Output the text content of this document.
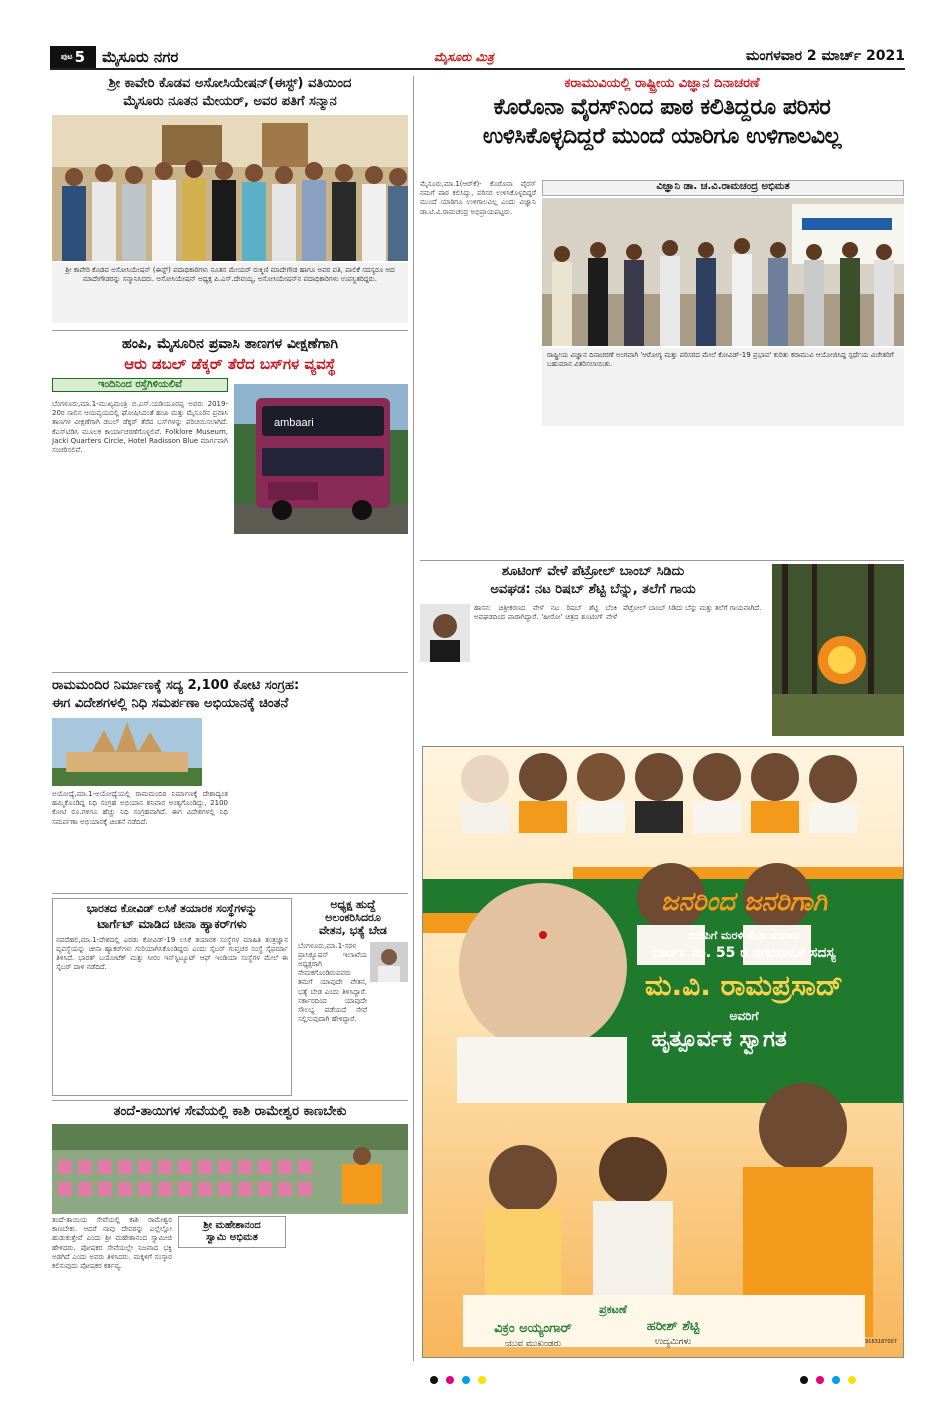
ಪುಟ 5 ಮೈಸೂರು ನಗರ	ಮೈಸೂರು ಮಿತ್ರ	ಮಂಗಳವಾರ 2 ಮಾರ್ಚ್ 2021
ಶ್ರೀ ಕಾವೇರಿ ಕೊಡವ ಅಸೋಸಿಯೇಷನ್(ಈಸ್ಟ್) ವತಿಯಿಂದ
ಮೈಸೂರು ನೂತನ ಮೇಯರ್, ಅವರ ಪತಿಗೆ ಸನ್ಮಾನ
ಶ್ರೀ ಕಾವೇರಿ ಕೊಡವ ಅಸೋಸಿಯೇಷನ್ (ಈಸ್ಟ್) ಪದಾಧಿಕಾರಿಗಳು ನೂತನ ಮೇಯರ್ ರುಕ್ಮಿಣಿ ಮಾದೇಗೌಡ ಹಾಗೂ ಅವರ ಪತಿ, ಪಾಲಿಕೆ ಸದಸ್ಯರೂ ಆದ ಮಾದೇಗೌಡರನ್ನು ಸನ್ಮಾನಿಸಿದರು. ಅಸೋಸಿಯೇಷನ್ ಅಧ್ಯಕ್ಷ ಪಿ.ಎಸ್.ದೇವಯ್ಯ, ಅಸೋಸಿಯೇಷನ್‌ನ ಪದಾಧಿಕಾರಿಗಳು ಉಪಸ್ಥಿತರಿದ್ದರು.
ಹಂಪಿ, ಮೈಸೂರಿನ ಪ್ರವಾಸಿ ತಾಣಗಳ ವೀಕ್ಷಣೆಗಾಗಿ
ಆರು ಡಬಲ್ ಡೆಕ್ಕರ್ ತೆರೆದ ಬಸ್‌ಗಳ ವ್ಯವಸ್ಥೆ
ಇಂದಿನಿಂದ ರಸ್ತೆಗಿಳಿಯಲಿವೆ
ಬೆಂಗಳೂರು,ಮಾ.1-ಮುಖ್ಯಮಂತ್ರಿ ಬಿ.ಎಸ್.ಯಡಿಯೂರಪ್ಪ ಅವರು 2019-20ರ ಸಾಲಿನ ಆಯವ್ಯಯದಲ್ಲಿ ಘೋಷಿಸಿದಂತೆ ಹಂಪಿ ಮತ್ತು ಮೈಸೂರಿನ ಪ್ರವಾಸಿ ತಾಣಗಳ ವೀಕ್ಷಣೆಗಾಗಿ ಡಬಲ್ ಡೆಕ್ಕರ್ ತೆರೆದ ಬಸ್‌ಗಳನ್ನು ಪರಿಚಯಿಸಲಾಗಿದೆ. ಕೆಎಸ್‌ಟಿಡಿಸಿ ಮೂಲಕ ಕಾರ್ಯಾಚರಣೆಗೊಳ್ಳಲಿವೆ. Folklore Museum, Jacki Quarters Circle, Hotel Radisson Blue ಮಾರ್ಗವಾಗಿ ಸಂಚರಿಸಲಿವೆ.
ambaari
ರಾಮಮಂದಿರ ನಿರ್ಮಾಣಕ್ಕೆ ಸದ್ಯ 2,100 ಕೋಟಿ ಸಂಗ್ರಹ:
ಈಗ ವಿದೇಶಗಳಲ್ಲಿ ನಿಧಿ ಸಮರ್ಪಣಾ ಅಭಿಯಾನಕ್ಕೆ ಚಿಂತನೆ
ಅಯೋಧ್ಯೆ,ಮಾ.1-ಅಯೋಧ್ಯೆಯಲ್ಲಿ ರಾಮಮಂದಿರ ನಿರ್ಮಾಣಕ್ಕೆ ದೇಶಾದ್ಯಂತ ಹಮ್ಮಿಕೊಂಡಿದ್ದ ನಿಧಿ ಸಂಗ್ರಹ ಅಭಿಯಾನ ಶನಿವಾರ ಅಂತ್ಯಗೊಂಡಿದ್ದು, 2100 ಕೋಟಿ ರೂ.ಗಳಿಗೂ ಹೆಚ್ಚು ನಿಧಿ ಸಂಗ್ರಹವಾಗಿದೆ. ಈಗ ವಿದೇಶಗಳಲ್ಲಿ ನಿಧಿ ಸಮರ್ಪಣಾ ಅಭಿಯಾನಕ್ಕೆ ಚಿಂತನೆ ನಡೆದಿದೆ.
ಭಾರತದ ಕೋವಿಡ್ ಲಸಿಕೆ ತಯಾರಕ ಸಂಸ್ಥೆಗಳನ್ನು
ಟಾರ್ಗೆಟ್ ಮಾಡಿದ ಚೀನಾ ಹ್ಯಾಕರ್‌ಗಳು
ನವದೆಹಲಿ,ಮಾ.1-ದೇಶದಲ್ಲಿ ಎರಡು ಕೋವಿಡ್-19 ಲಸಿಕೆ ತಯಾರಕ ಸಂಸ್ಥೆಗಳ ಮಾಹಿತಿ ತಂತ್ರಜ್ಞಾನ ವ್ಯವಸ್ಥೆಯನ್ನು ಚೀನಾ ಹ್ಯಾಕರ್‌ಗಳು ಗುರಿಯಾಗಿಸಿಕೊಂಡಿದ್ದರು ಎಂದು ಸೈಬರ್ ಗುಪ್ತಚರ ಸಂಸ್ಥೆ ಸೈಫರ್ಮಾ ತಿಳಿಸಿದೆ. ಭಾರತ್ ಬಯೋಟೆಕ್ ಮತ್ತು ಸೀರಂ ಇನ್‌ಸ್ಟಿಟ್ಯೂಟ್ ಆಫ್ ಇಂಡಿಯಾ ಸಂಸ್ಥೆಗಳ ಮೇಲೆ ಈ ಸೈಬರ್ ದಾಳಿ ನಡೆದಿದೆ.
ಅಧ್ಯಕ್ಷ ಹುದ್ದೆ
ಅಲಂಕರಿಸಿದರೂ
ವೇತನ, ಭತ್ಯೆ ಬೇಡ
ಬೆಂಗಳೂರು,ಮಾ.1-ಸರಳ ಪ್ರಾಸಿಕ್ಯೂಷನ್ ಇಲಾಖೆಯ ಅಧ್ಯಕ್ಷರಾಗಿ ನೇಮಕಗೊಂಡಿರುವವರು ತಮಗೆ ಯಾವುದೇ ವೇತನ, ಭತ್ಯೆ ಬೇಡ ಎಂದು ತಿಳಿಸಿದ್ದಾರೆ. ಸರ್ಕಾರದಿಂದ ಯಾವುದೇ ಸೌಲಭ್ಯ ಪಡೆಯದೆ ಸೇವೆ ಸಲ್ಲಿಸುವುದಾಗಿ ಹೇಳಿದ್ದಾರೆ.
ತಂದೆ-ತಾಯಿಗಳ ಸೇವೆಯಲ್ಲಿ ಕಾಶಿ ರಾಮೇಶ್ವರ ಕಾಣಬೇಕು
ತಂದೆ-ತಾಯಿಯ ಸೇವೆಯಲ್ಲಿ ಕಾಶಿ ರಾಮೇಶ್ವರ ಕಾಣಬೇಕು. ಆದರೆ ನಾವು ದೇವರನ್ನು ಎಲ್ಲೆಲ್ಲೋ ಹುಡುಕುತ್ತೇವೆ ಎಂದು ಶ್ರೀ ಮಹೇಶಾನಂದ ಸ್ವಾಮೀಜಿ ಹೇಳಿದರು. ಪೋಷಕರ ಸೇವೆಯಲ್ಲೇ ನಿಜವಾದ ಭಕ್ತಿ ಅಡಗಿದೆ ಎಂದು ಅವರು ತಿಳಿಸಿದರು. ಮಕ್ಕಳಿಗೆ ಸಂಸ್ಕಾರ ಕಲಿಸುವುದು ಪೋಷಕರ ಕರ್ತವ್ಯ.
ಶ್ರೀ ಮಹೇಶಾನಂದ
ಸ್ವಾಮಿ ಅಭಿಮತ
ಕರಾಮುವಿಯಲ್ಲಿ ರಾಷ್ಟ್ರೀಯ ವಿಜ್ಞಾನ ದಿನಾಚರಣೆ
ಕೊರೊನಾ ವೈರಸ್‌ನಿಂದ ಪಾಠ ಕಲಿತಿದ್ದರೂ ಪರಿಸರ
ಉಳಿಸಿಕೊಳ್ಳದಿದ್ದರೆ ಮುಂದೆ ಯಾರಿಗೂ ಉಳಿಗಾಲವಿಲ್ಲ
ಮೈಸೂರು,ಮಾ.1(ಆರ್‌ಕೆ)- ಕೊರೊನಾ ವೈರಸ್ ನಮಗೆ ಪಾಠ ಕಲಿಸಿದ್ದು, ಪರಿಸರ ಉಳಿಸಿಕೊಳ್ಳದಿದ್ದರೆ ಮುಂದೆ ಯಾರಿಗೂ ಉಳಿಗಾಲವಿಲ್ಲ ಎಂದು ವಿಜ್ಞಾನಿ ಡಾ.ಟಿ.ವಿ.ರಾಮಚಂದ್ರ ಅಭಿಪ್ರಾಯಪಟ್ಟರು.
ವಿಜ್ಞಾನಿ ಡಾ. ಚ.ವಿ.ರಾಮಚಂದ್ರ ಅಭಿಮತ
ರಾಷ್ಟ್ರೀಯ ವಿಜ್ಞಾನ ದಿನಾಚರಣೆ ಅಂಗವಾಗಿ 'ಆರೋಗ್ಯ ಮತ್ತು ಪರಿಸರದ ಮೇಲೆ ಕೋವಿಡ್-19 ಪ್ರಭಾವ' ಕುರಿತು ಕರಾಮುವಿ ಆಯೋಜಿಸಿದ್ದ ಸ್ಪರ್ಧೆಯ ವಿಜೇತರಿಗೆ ಬಹುಮಾನ ವಿತರಿಸಲಾಯಿತು.
ಶೂಟಿಂಗ್ ವೇಳೆ ಪೆಟ್ರೋಲ್ ಬಾಂಬ್ ಸಿಡಿದು
ಅವಘಡ: ನಟ ರಿಷಬ್ ಶೆಟ್ಟಿ ಬೆನ್ನು, ತಲೆಗೆ ಗಾಯ
ಹಾಸನ: ಚಿತ್ರೀಕರಣದ ವೇಳೆ ನಟ ರಿಷಬ್ ಶೆಟ್ಟಿ ಬೆಂಕಿ ಅವಘಡದಿಂದ ಪಾರಾಗಿದ್ದಾರೆ. 'ಹೀರೋ' ಚಿತ್ರದ ಶೂಟಿಂಗ್ ವೇಳೆ ಪೆಟ್ರೋಲ್ ಬಾಂಬ್ ಸಿಡಿದು ಬೆನ್ನು ಮತ್ತು ತಲೆಗೆ ಗಾಯವಾಗಿದೆ.
ಜನರಿಂದ ಜನರಿಗಾಗಿ
ಬಿಜೆಪಿಗೆ ಮರಳಿ ಸೇರ್ಪಡೆಯಾದ
ವಾರ್ಡ್ ನಂ. 55 ರ ನಗರಪಾಲಿಕೆ ಸದಸ್ಯ
ಮ.ವಿ. ರಾಮಪ್ರಸಾದ್
ಅವರಿಗೆ
ಹೃತ್ಪೂರ್ವಕ ಸ್ವಾಗತ
ಪ್ರಕಟಣೆ
ವಿಕ್ರಂ ಅಯ್ಯಂಗಾರ್
ಯುವ ಮುಖಂಡರು
ಹರೀಶ್ ಶೆಟ್ಟಿ
ಉದ್ಯಮಿಗಳು	9163187007
